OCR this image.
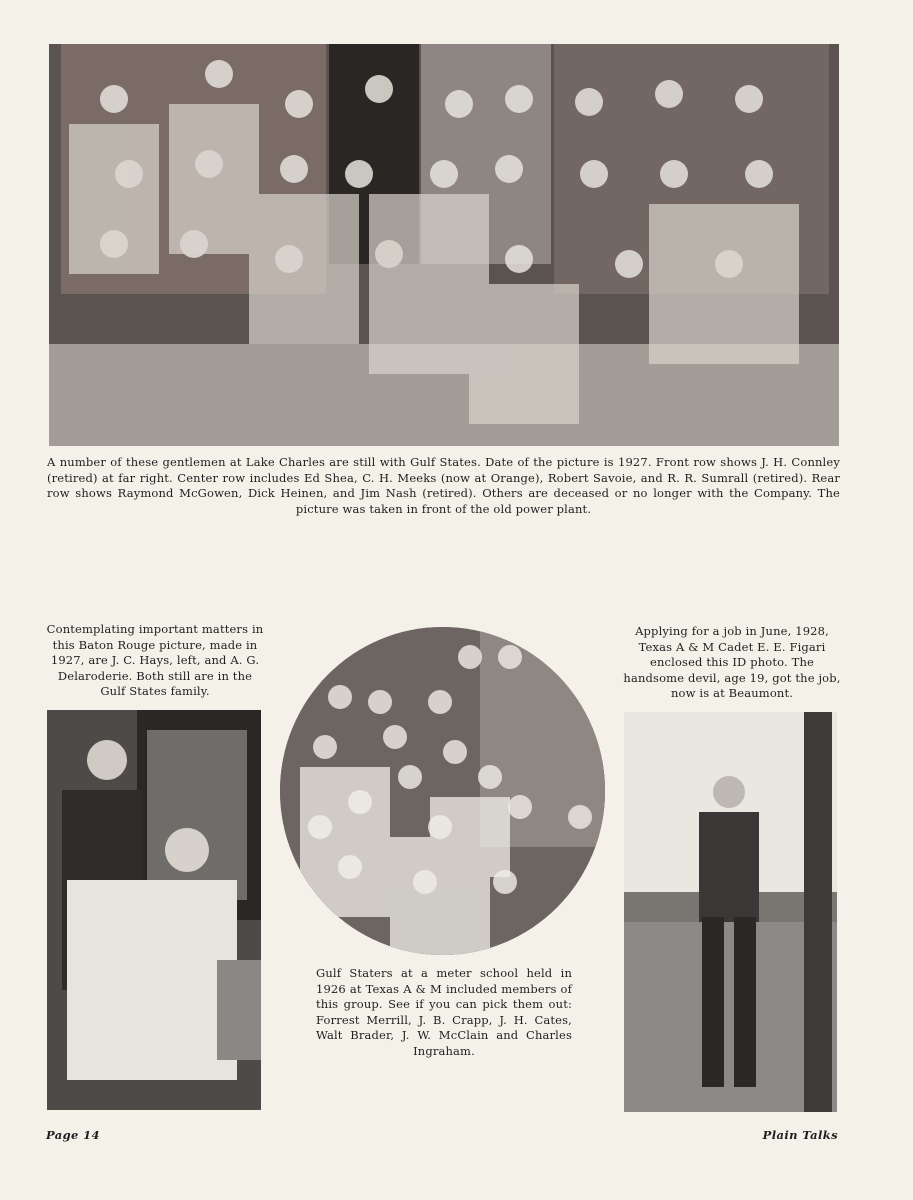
A number of these gentlemen at Lake Charles are still with Gulf States. Date of the picture is 1927. Front row shows J. H. Connley (retired) at far right. Center row includes Ed Shea, C. H. Meeks (now at Orange), Robert Savoie, and R. R. Sumrall (retired). Rear row shows Raymond McGowen, Dick Heinen, and Jim Nash (retired). Others are deceased or no longer with the Company. The picture was taken in front of the old power plant.
Contemplating important matters in this Baton Rouge picture, made in 1927, are J. C. Hays, left, and A. G. Delaroderie. Both still are in the Gulf States family.
Gulf Staters at a meter school held in 1926 at Texas A & M included members of this group. See if you can pick them out: Forrest Merrill, J. B. Crapp, J. H. Cates, Walt Brader, J. W. McClain and Charles Ingraham.
Applying for a job in June, 1928, Texas A & M Cadet E. E. Figari enclosed this ID photo. The handsome devil, age 19, got the job, now is at Beaumont.
Page 14	Plain Talks
